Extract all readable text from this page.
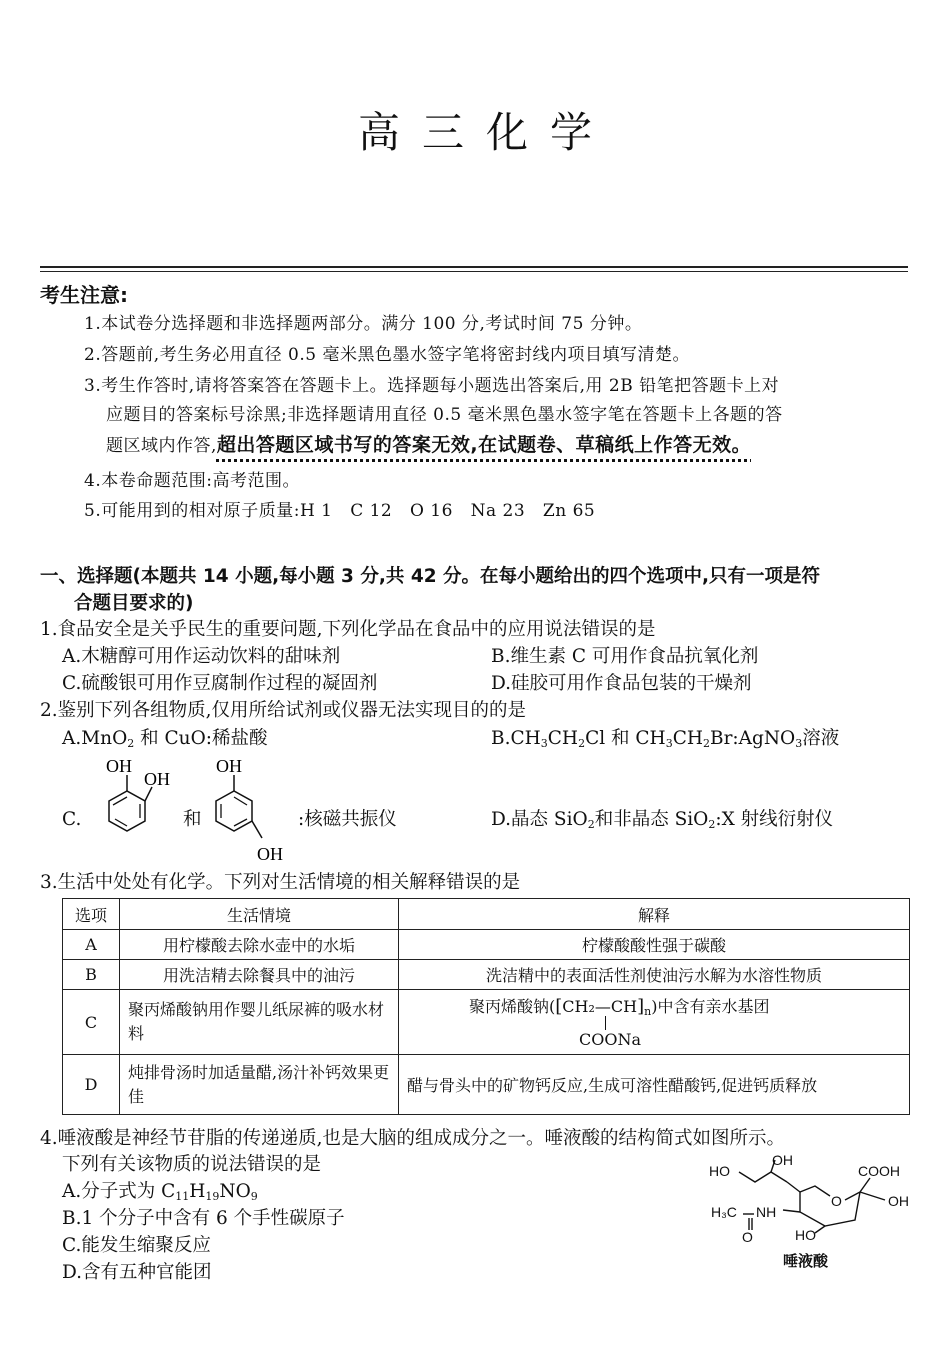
高三化学
考生注意:
1.本试卷分选择题和非选择题两部分。满分 100 分,考试时间 75 分钟。
2.答题前,考生务必用直径 0.5 毫米黑色墨水签字笔将密封线内项目填写清楚。
3.考生作答时,请将答案答在答题卡上。选择题每小题选出答案后,用 2B 铅笔把答题卡上对
应题目的答案标号涂黑;非选择题请用直径 0.5 毫米黑色墨水签字笔在答题卡上各题的答
题区域内作答,超出答题区域书写的答案无效,在试题卷、草稿纸上作答无效。
4.本卷命题范围:高考范围。
5.可能用到的相对原子质量:H 1   C 12   O 16   Na 23   Zn 65
一、选择题(本题共 14 小题,每小题 3 分,共 42 分。在每小题给出的四个选项中,只有一项是符
合题目要求的)
1.食品安全是关乎民生的重要问题,下列化学品在食品中的应用说法错误的是
A.木糖醇可用作运动饮料的甜味剂	B.维生素 C 可用作食品抗氧化剂
C.硫酸银可用作豆腐制作过程的凝固剂	D.硅胶可用作食品包装的干燥剂
2.鉴别下列各组物质,仅用所给试剂或仪器无法实现目的的是
A.MnO$_2$ 和 CuO:稀盐酸	$B.CH_3CH_2Cl$ 和 $CH_3CH_2Br:AgNO_3$溶液
C.
OH
OH
和
OH
OH
:核磁共振仪	D.晶态 SiO$_2$和非晶态 SiO$_2$:X 射线衍射仪
3.生活中处处有化学。下列对生活情境的相关解释错误的是
选项	生活情境	解释
A	用柠檬酸去除水壶中的水垢	柠檬酸酸性强于碳酸
B	用洗洁精去除餐具中的油污	洗洁精中的表面活性剂使油污水解为水溶性物质
C	聚丙烯酸钠用作婴儿纸尿裤的吸水材料	聚丙烯酸钠$([CH_2—CH]_n)$中含有亲水基团
COONa

D	炖排骨汤时加适量醋,汤汁补钙效果更佳	醋与骨头中的矿物钙反应,生成可溶性醋酸钙,促进钙质释放
4.唾液酸是神经节苷脂的传递递质,也是大脑的组成成分之一。唾液酸的结构简式如图所示。
下列有关该物质的说法错误的是
A.分子式为 $C_{11}H_{19}NO_9$
B.1 个分子中含有 6 个手性碳原子
C.能发生缩聚反应
D.含有五种官能团
HO
OH
COOH
OH
O
H₃C NH
O	HO
唾液酸
